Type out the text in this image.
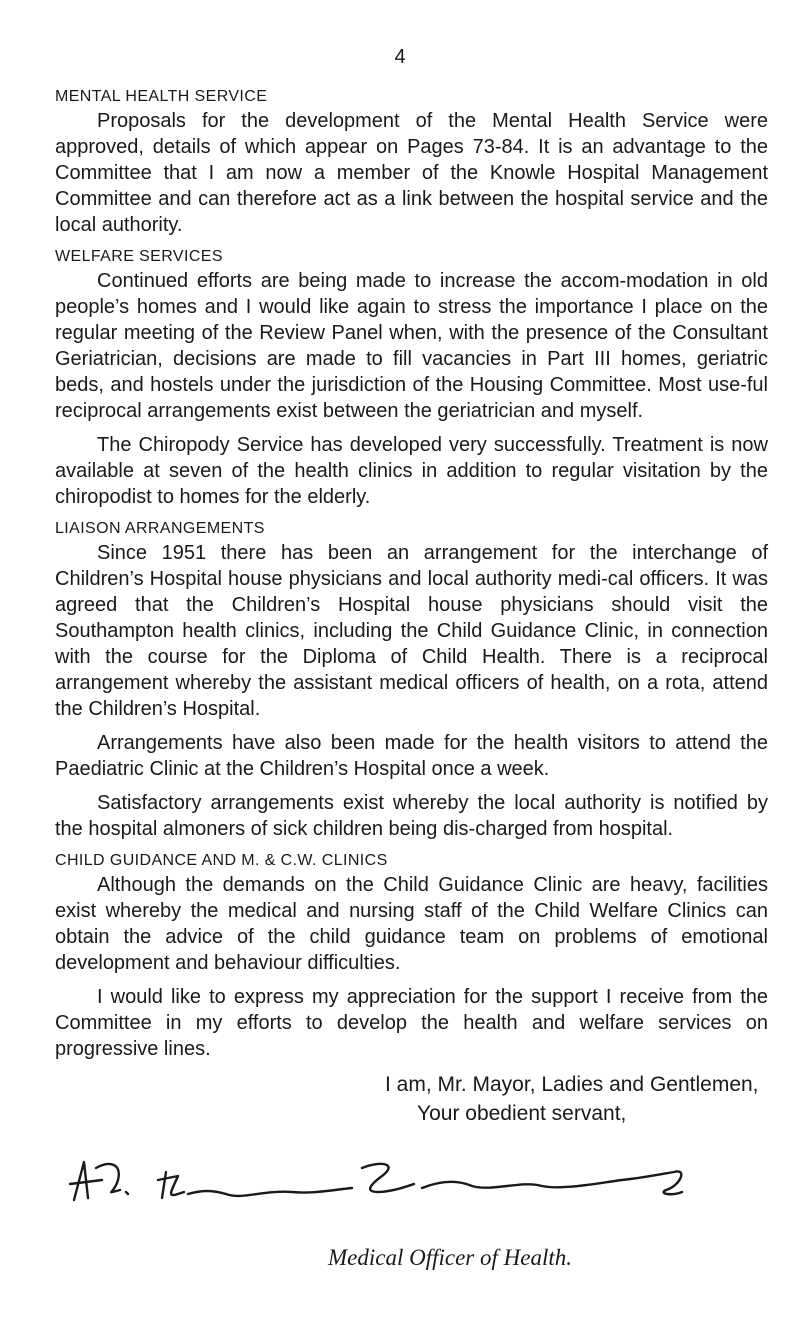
4

MENTAL HEALTH SERVICE

Proposals for the development of the Mental Health Service were approved, details of which appear on Pages 73-84. It is an advantage to the Committee that I am now a member of the Knowle Hospital Management Committee and can therefore act as a link between the hospital service and the local authority.

WELFARE SERVICES

Continued efforts are being made to increase the accom-modation in old people’s homes and I would like again to stress the importance I place on the regular meeting of the Review Panel when, with the presence of the Consultant Geriatrician, decisions are made to fill vacancies in Part III homes, geriatric beds, and hostels under the jurisdiction of the Housing Committee. Most use-ful reciprocal arrangements exist between the geriatrician and myself.

The Chiropody Service has developed very successfully. Treatment is now available at seven of the health clinics in addition to regular visitation by the chiropodist to homes for the elderly.

LIAISON ARRANGEMENTS

Since 1951 there has been an arrangement for the interchange of Children’s Hospital house physicians and local authority medi-cal officers. It was agreed that the Children’s Hospital house physicians should visit the Southampton health clinics, including the Child Guidance Clinic, in connection with the course for the Diploma of Child Health. There is a reciprocal arrangement whereby the assistant medical officers of health, on a rota, attend the Children’s Hospital.

Arrangements have also been made for the health visitors to attend the Paediatric Clinic at the Children’s Hospital once a week.

Satisfactory arrangements exist whereby the local authority is notified by the hospital almoners of sick children being dis-charged from hospital.

CHILD GUIDANCE AND M. & C.W. CLINICS

Although the demands on the Child Guidance Clinic are heavy, facilities exist whereby the medical and nursing staff of the Child Welfare Clinics can obtain the advice of the child guidance team on problems of emotional development and behaviour difficulties.

I would like to express my appreciation for the support I receive from the Committee in my efforts to develop the health and welfare services on progressive lines.

I am, Mr. Mayor, Ladies and Gentlemen,
Your obedient servant,
Medical Officer of Health.
